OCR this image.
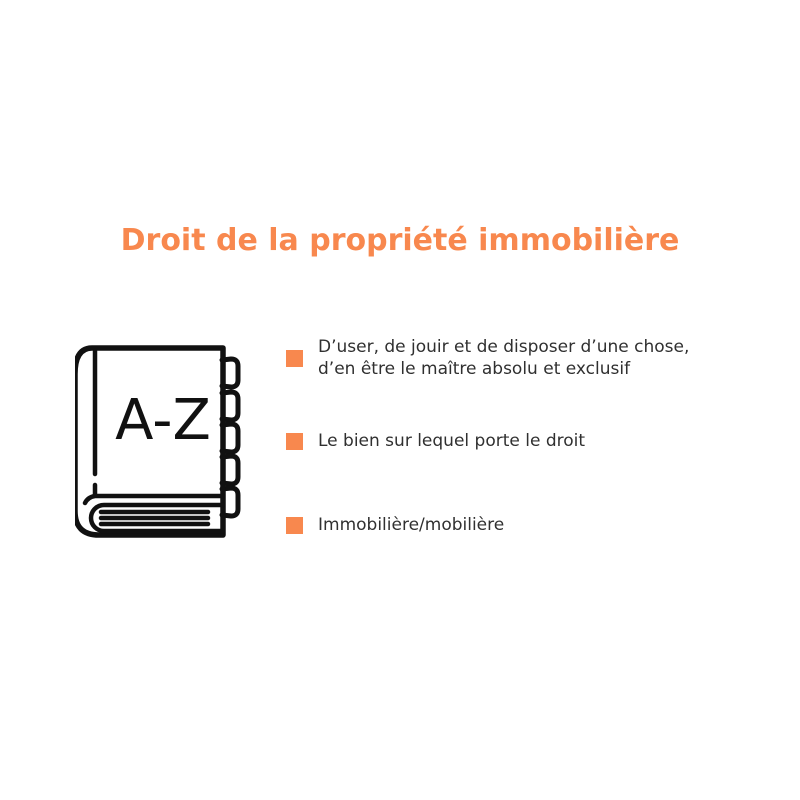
Droit de la propriété immobilière
A-Z
D’user, de jouir et de disposer d’une chose,
d’en être le maître absolu et exclusif
Le bien sur lequel porte le droit
Immobilière/mobilière
